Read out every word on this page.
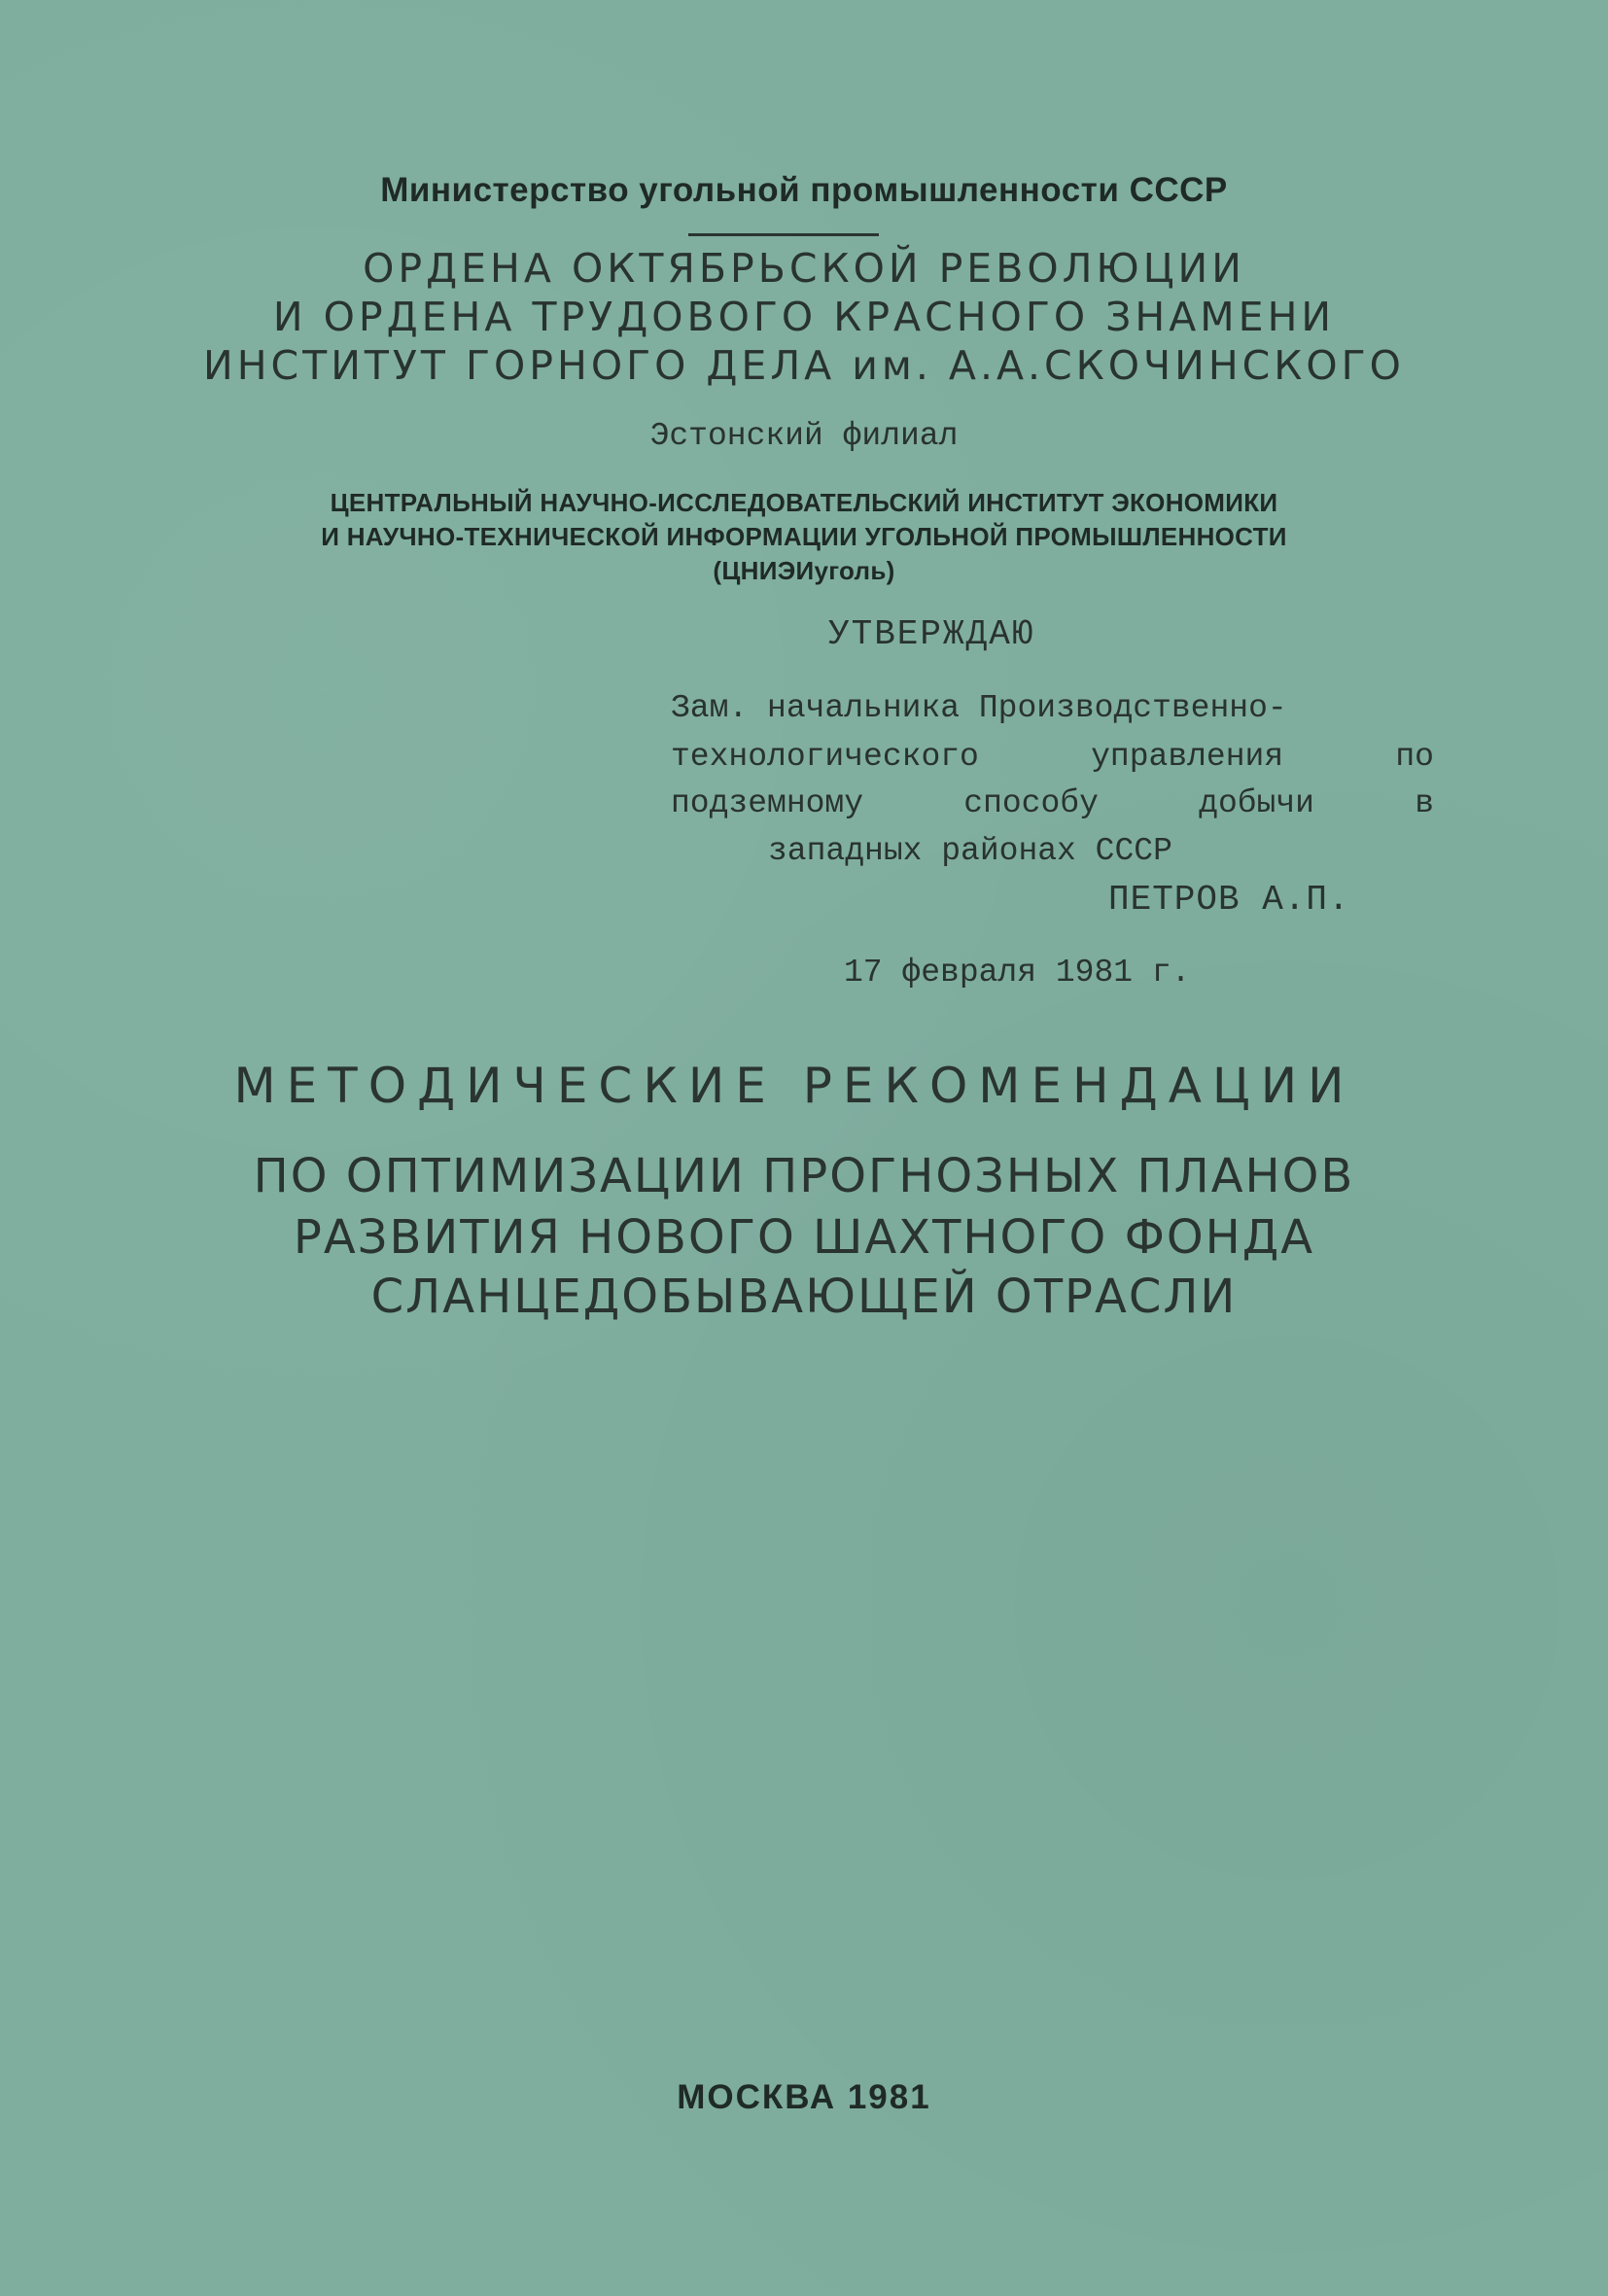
Министерство угольной промышленности СССР
ОРДЕНА ОКТЯБРЬСКОЙ РЕВОЛЮЦИИ
И ОРДЕНА ТРУДОВОГО КРАСНОГО ЗНАМЕНИ
ИНСТИТУТ ГОРНОГО ДЕЛА им. А.А.СКОЧИНСКОГО
Эстонский филиал
ЦЕНТРАЛЬНЫЙ НАУЧНО-ИССЛЕДОВАТЕЛЬСКИЙ ИНСТИТУТ ЭКОНОМИКИ
И НАУЧНО-ТЕХНИЧЕСКОЙ ИНФОРМАЦИИ УГОЛЬНОЙ ПРОМЫШЛЕННОСТИ
(ЦНИЭИуголь)
УТВЕРЖДАЮ
Зам. начальника Производственно-
технологического управления по
подземному способу добычи в
западных районах СССР
ПЕТРОВ А.П.
17 февраля 1981 г.
МЕТОДИЧЕСКИЕ РЕКОМЕНДАЦИИ
ПО ОПТИМИЗАЦИИ ПРОГНОЗНЫХ ПЛАНОВ
РАЗВИТИЯ НОВОГО ШАХТНОГО ФОНДА
СЛАНЦЕДОБЫВАЮЩЕЙ ОТРАСЛИ
МОСКВА 1981
